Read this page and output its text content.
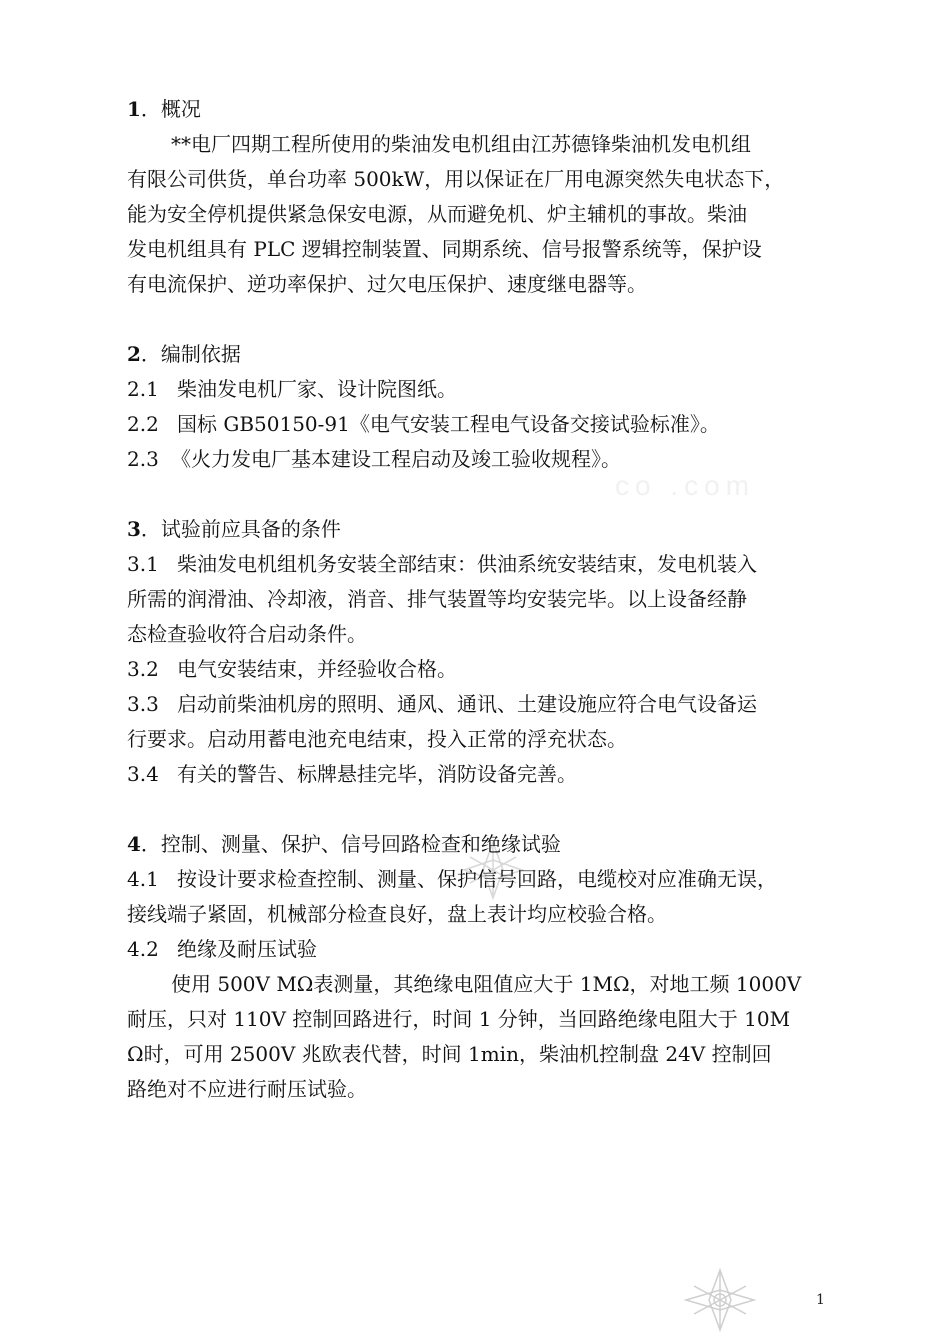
co .com
1．概况
**电厂四期工程所使用的柴油发电机组由江苏德锋柴油机发电机组
有限公司供货，单台功率 500kW，用以保证在厂用电源突然失电状态下，
能为安全停机提供紧急保安电源，从而避免机、炉主辅机的事故。柴油
发电机组具有 PLC 逻辑控制装置、同期系统、信号报警系统等，保护设
有电流保护、逆功率保护、过欠电压保护、速度继电器等。
2．编制依据
2.1 柴油发电机厂家、设计院图纸。
2.2 国标 GB50150-91《电气安装工程电气设备交接试验标准》。
2.3 《火力发电厂基本建设工程启动及竣工验收规程》。
3．试验前应具备的条件
3.1 柴油发电机组机务安装全部结束：供油系统安装结束，发电机装入
所需的润滑油、冷却液，消音、排气装置等均安装完毕。以上设备经静
态检查验收符合启动条件。
3.2 电气安装结束，并经验收合格。
3.3 启动前柴油机房的照明、通风、通讯、土建设施应符合电气设备运
行要求。启动用蓄电池充电结束，投入正常的浮充状态。
3.4 有关的警告、标牌悬挂完毕，消防设备完善。
4．控制、测量、保护、信号回路检查和绝缘试验
4.1 按设计要求检查控制、测量、保护信号回路，电缆校对应准确无误，
接线端子紧固，机械部分检查良好，盘上表计均应校验合格。
4.2 绝缘及耐压试验
使用 500V MΩ表测量，其绝缘电阻值应大于 1MΩ，对地工频 1000V
耐压，只对 110V 控制回路进行，时间 1 分钟，当回路绝缘电阻大于 10M
Ω时，可用 2500V 兆欧表代替，时间 1min，柴油机控制盘 24V 控制回
路绝对不应进行耐压试验。
1
